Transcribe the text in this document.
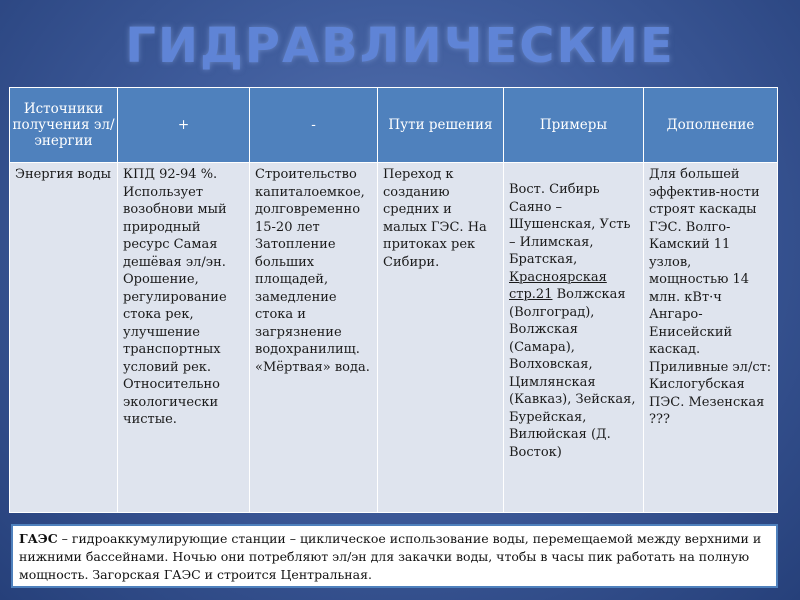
ГИДРАВЛИЧЕСКИЕ
Источники получения эл/энергии	+	-	Пути решения	Примеры	Дополнение
Энергия воды	КПД 92-94 %. Использует возобнови мый природный ресурс Самая дешёвая эл/эн. Орошение, регулирование стока рек, улучшение транспортных условий рек. Относительно экологически чистые.	Строительство капиталоемкое, долговременно 15-20 лет Затопление больших площадей, замедление стока и загрязнение водохранилищ. «Мёртвая» вода.	Переход к созданию средних и малых ГЭС. На притоках рек Сибири.	Вост. Сибирь Саяно – Шушенская, Усть – Илимская, Братская, Красноярская стр.21 Волжская (Волгоград), Волжская (Самара), Волховская, Цимлянская (Кавказ), Зейская, Бурейская, Вилюйская (Д. Восток)	Для большей эффектив-ности строят каскады ГЭС. Волго- Камский 11 узлов, мощностью 14 млн. кВт·ч Ангаро- Енисейский каскад. Приливные эл/ст: Кислогубская ПЭС. Мезенская ???
ГАЭС – гидроаккумулирующие станции – циклическое использование воды, перемещаемой между верхними и нижними бассейнами. Ночью они потребляют эл/эн для закачки воды, чтобы в часы пик работать на полную мощность. Загорская ГАЭС и строится Центральная.
